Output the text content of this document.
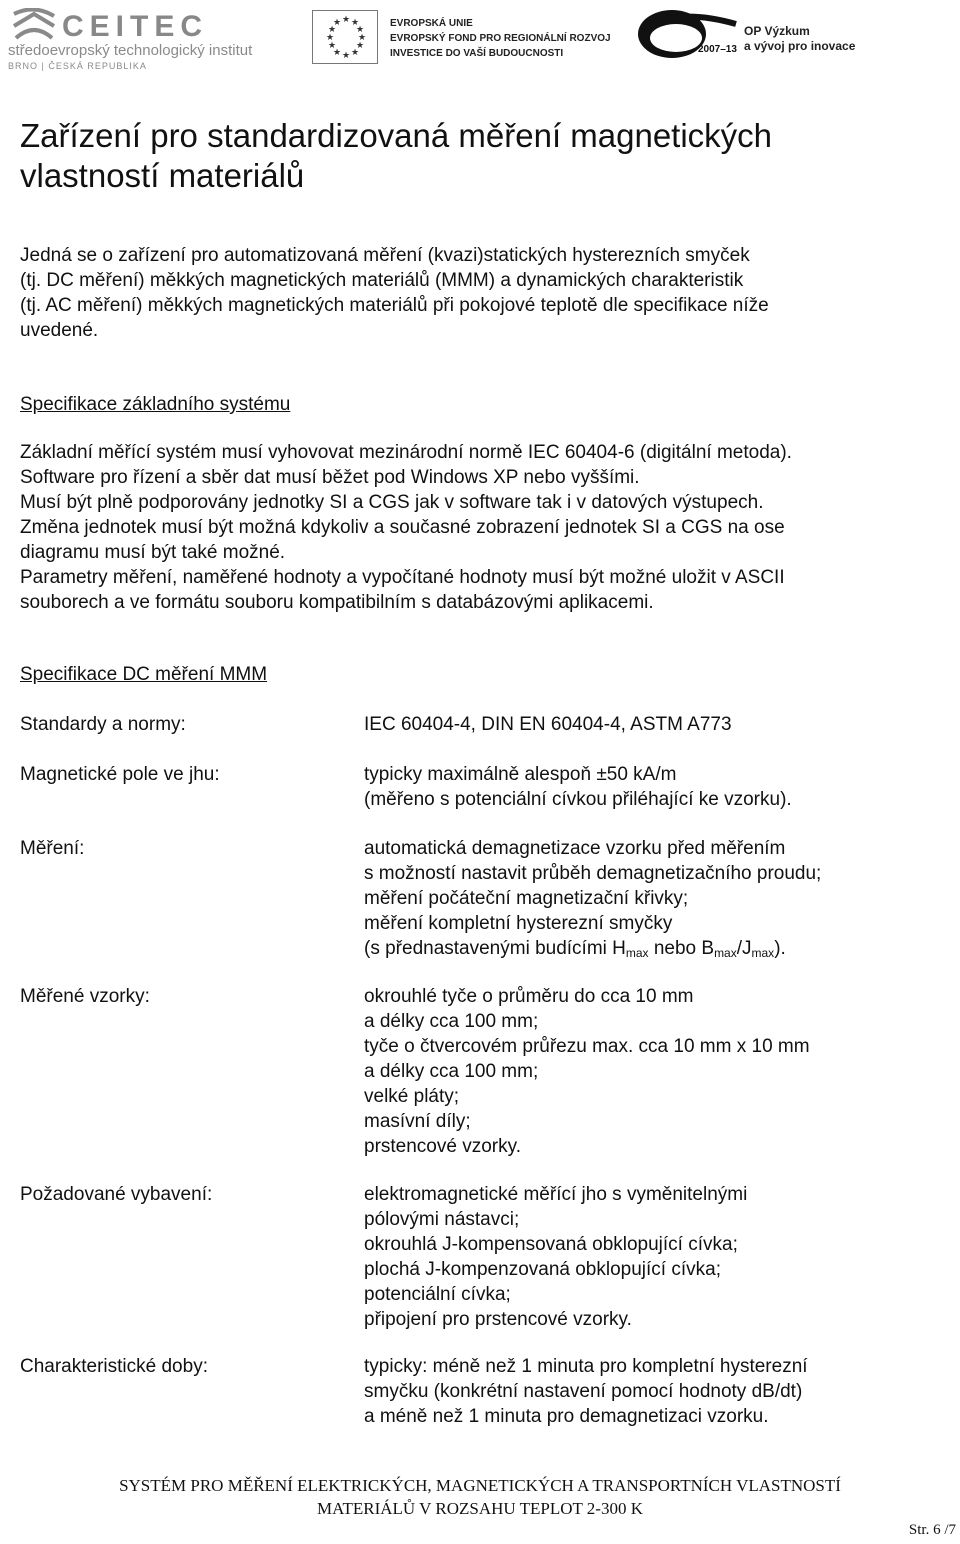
CEITEC
středoevropský technologický institut
BRNO | ČESKÁ REPUBLIKA
★ ★
★
★
★
★
★
★
★
★
★
★	EVROPSKÁ UNIE
EVROPSKÝ FOND PRO REGIONÁLNÍ ROZVOJ
INVESTICE DO VAŠÍ BUDOUCNOSTI	2007–13
OP Výzkum
a vývoj pro inovace
Zařízení pro standardizovaná měření magnetických
vlastností materiálů
Jedná se o zařízení pro automatizovaná měření (kvazi)statických hysterezních smyček
(tj. DC měření) měkkých magnetických materiálů (MMM) a dynamických charakteristik
(tj. AC měření) měkkých magnetických materiálů při pokojové teplotě dle specifikace níže
uvedené.
Specifikace základního systému
Základní měřící systém musí vyhovovat mezinárodní normě IEC 60404-6 (digitální metoda).
Software pro řízení a sběr dat musí běžet pod Windows XP nebo vyššími.
Musí být plně podporovány jednotky SI a CGS jak v software tak i v datových výstupech.
Změna jednotek musí být možná kdykoliv a současné zobrazení jednotek SI a CGS na ose
diagramu musí být také možné.
Parametry měření, naměřené hodnoty a vypočítané hodnoty musí být možné uložit v ASCII
souborech a ve formátu souboru kompatibilním s databázovými aplikacemi.
Specifikace DC měření MMM
Standardy a normy:	IEC 60404-4, DIN EN 60404-4, ASTM A773
Magnetické pole ve jhu:	typicky maximálně alespoň ±50 kA/m
(měřeno s potenciální cívkou přiléhající ke vzorku).
Měření:	automatická demagnetizace vzorku před měřením
s možností nastavit průběh demagnetizačního proudu;
měření počáteční magnetizační křivky;
měření kompletní hysterezní smyčky
(s přednastavenými budícími $H_{max}$ nebo $B_{max}/J_{max}$).
Měřené vzorky:	okrouhlé tyče o průměru do cca 10 mm
a délky cca 100 mm;
tyče o čtvercovém průřezu max. cca 10 mm x 10 mm
a délky cca 100 mm;
velké pláty;
masívní díly;
prstencové vzorky.
Požadované vybavení:	elektromagnetické měřící jho s vyměnitelnými
pólovými nástavci;
okrouhlá J-kompensovaná obklopující cívka;
plochá J-kompenzovaná obklopující cívka;
potenciální cívka;
připojení pro prstencové vzorky.
Charakteristické doby:	typicky: méně než 1 minuta pro kompletní hysterezní
smyčku (konkrétní nastavení pomocí hodnoty dB/dt)
a méně než 1 minuta pro demagnetizaci vzorku.
SYSTÉM PRO MĚŘENÍ ELEKTRICKÝCH, MAGNETICKÝCH A TRANSPORTNÍCH VLASTNOSTÍ
MATERIÁLŮ V ROZSAHU TEPLOT 2-300 K
Str. 6 /7
